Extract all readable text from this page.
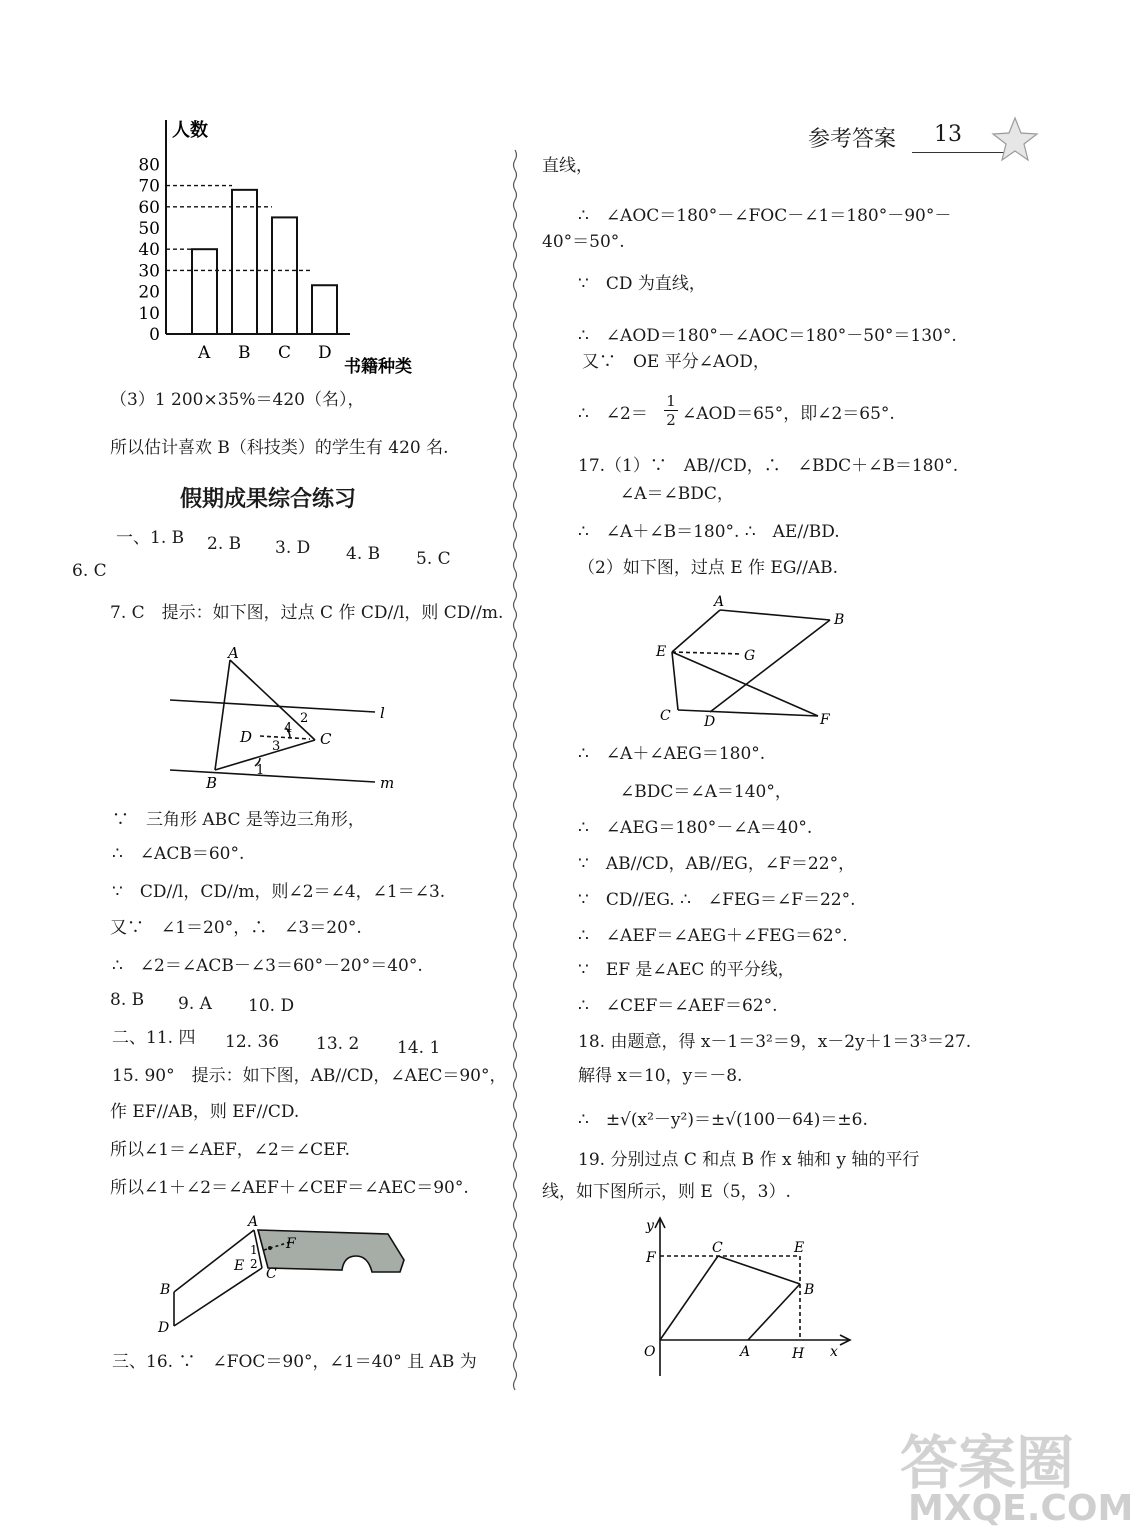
参考答案 13
人数
书籍种类
0
10
20
30
40
50
60
70
80
A B C D
（3）1 200×35%＝420（名），
所以估计喜欢 B（科技类）的学生有 420 名.
假期成果综合练习
一、1. B 2. B 3. D 4. B 5. C
6. C
7. C　提示：如下图，过点 C 作 CD//l，则 CD//m.
A
B
C
D
l
m
1
2
3
4
∵　三角形 ABC 是等边三角形，
∴　∠ACB＝60°.
∵　CD//l，CD//m，则∠2＝∠4，∠1＝∠3.
又∵　∠1＝20°，∴　∠3＝20°.
∴　∠2＝∠ACB－∠3＝60°－20°＝40°.
8. B 9. A 10. D
二、11. 四 12. 36 13. 2 14. 1
15. 90°　提示：如下图，AB//CD，∠AEC＝90°，
作 EF//AB，则 EF//CD.
所以∠1＝∠AEF，∠2＝∠CEF.
所以∠1＋∠2＝∠AEF＋∠CEF＝∠AEC＝90°.
A
B
C
D
E
F
1
2
三、16. ∵　∠FOC＝90°，∠1＝40° 且 AB 为
直线，
∴　∠AOC＝180°－∠FOC－∠1＝180°－90°－
40°＝50°.
∵　CD 为直线，
∴　∠AOD＝180°－∠AOC＝180°－50°＝130°.
又∵　OE 平分∠AOD，
∴　∠2＝ $\frac{1}{2}$ ∠AOD＝65°，即∠2＝65°.
17.（1）∵　AB//CD，∴　∠BDC＋∠B＝180°.
∠A＝∠BDC，
∴　∠A＋∠B＝180°. ∴　AE//BD.
（2）如下图，过点 E 作 EG//AB.
A
B
C D
E
F
G
∴　∠A＋∠AEG＝180°.
∠BDC＝∠A＝140°，
∴　∠AEG＝180°－∠A＝40°.
∵　AB//CD，AB//EG，∠F＝22°，
∵　CD//EG. ∴　∠FEG＝∠F＝22°.
∴　∠AEF＝∠AEG＋∠FEG＝62°.
∵　EF 是∠AEC 的平分线，
∴　∠CEF＝∠AEF＝62°.
18. 由题意，得 x－1＝3²＝9，x－2y＋1＝3³＝27.
解得 x＝10，y＝－8.
∴　±√(x²－y²)＝±√(100－64)＝±6.
19. 分别过点 C 和点 B 作 x 轴和 y 轴的平行
线，如下图所示，则 E（5，3）.
y
x
O	A
B
C	E
F
H
答案圈
MXQE.COM
